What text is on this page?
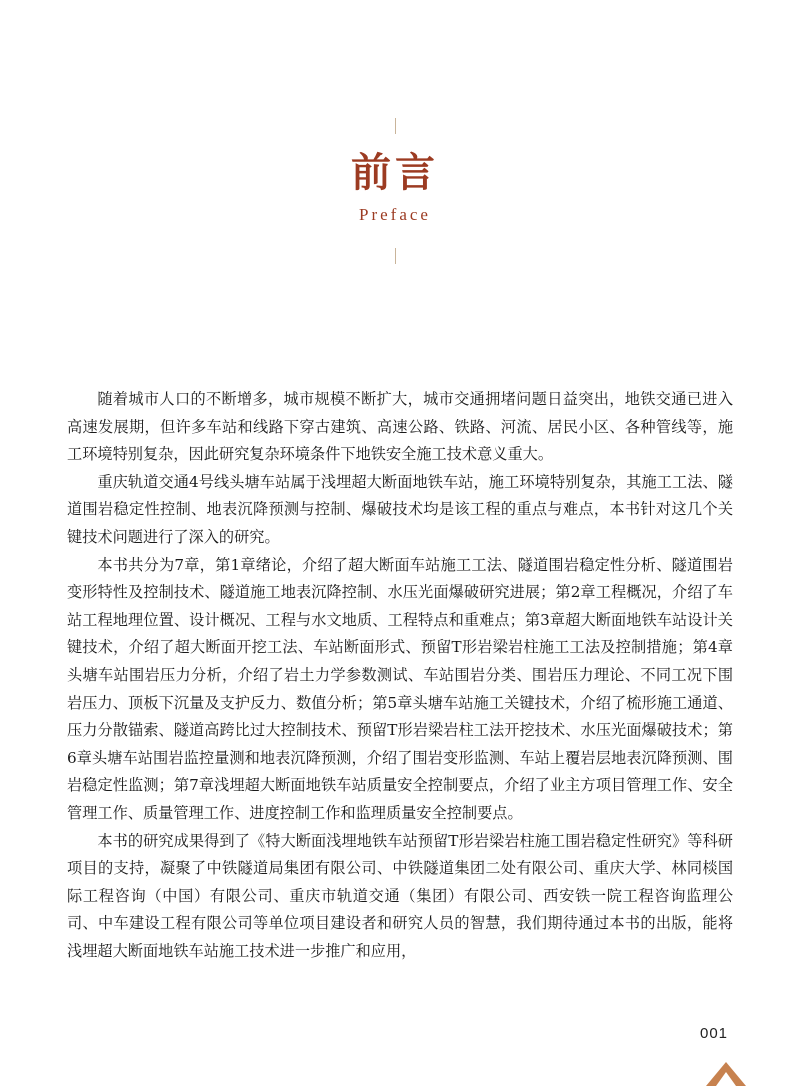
前言
Preface

随着城市人口的不断增多，城市规模不断扩大，城市交通拥堵问题日益突出，地铁交通已进入高速发展期，但许多车站和线路下穿古建筑、高速公路、铁路、河流、居民小区、各种管线等，施工环境特别复杂，因此研究复杂环境条件下地铁安全施工技术意义重大。

重庆轨道交通4号线头塘车站属于浅埋超大断面地铁车站，施工环境特别复杂，其施工工法、隧道围岩稳定性控制、地表沉降预测与控制、爆破技术均是该工程的重点与难点，本书针对这几个关键技术问题进行了深入的研究。

本书共分为7章，第1章绪论，介绍了超大断面车站施工工法、隧道围岩稳定性分析、隧道围岩变形特性及控制技术、隧道施工地表沉降控制、水压光面爆破研究进展；第2章工程概况，介绍了车站工程地理位置、设计概况、工程与水文地质、工程特点和重难点；第3章超大断面地铁车站设计关键技术，介绍了超大断面开挖工法、车站断面形式、预留T形岩梁岩柱施工工法及控制措施；第4章头塘车站围岩压力分析，介绍了岩土力学参数测试、车站围岩分类、围岩压力理论、不同工况下围岩压力、顶板下沉量及支护反力、数值分析；第5章头塘车站施工关键技术，介绍了梳形施工通道、压力分散锚索、隧道高跨比过大控制技术、预留T形岩梁岩柱工法开挖技术、水压光面爆破技术；第6章头塘车站围岩监控量测和地表沉降预测，介绍了围岩变形监测、车站上覆岩层地表沉降预测、围岩稳定性监测；第7章浅埋超大断面地铁车站质量安全控制要点，介绍了业主方项目管理工作、安全管理工作、质量管理工作、进度控制工作和监理质量安全控制要点。

本书的研究成果得到了《特大断面浅埋地铁车站预留T形岩梁岩柱施工围岩稳定性研究》等科研项目的支持，凝聚了中铁隧道局集团有限公司、中铁隧道集团二处有限公司、重庆大学、林同棪国际工程咨询（中国）有限公司、重庆市轨道交通（集团）有限公司、西安铁一院工程咨询监理公司、中车建设工程有限公司等单位项目建设者和研究人员的智慧，我们期待通过本书的出版，能将浅埋超大断面地铁车站施工技术进一步推广和应用，

001
